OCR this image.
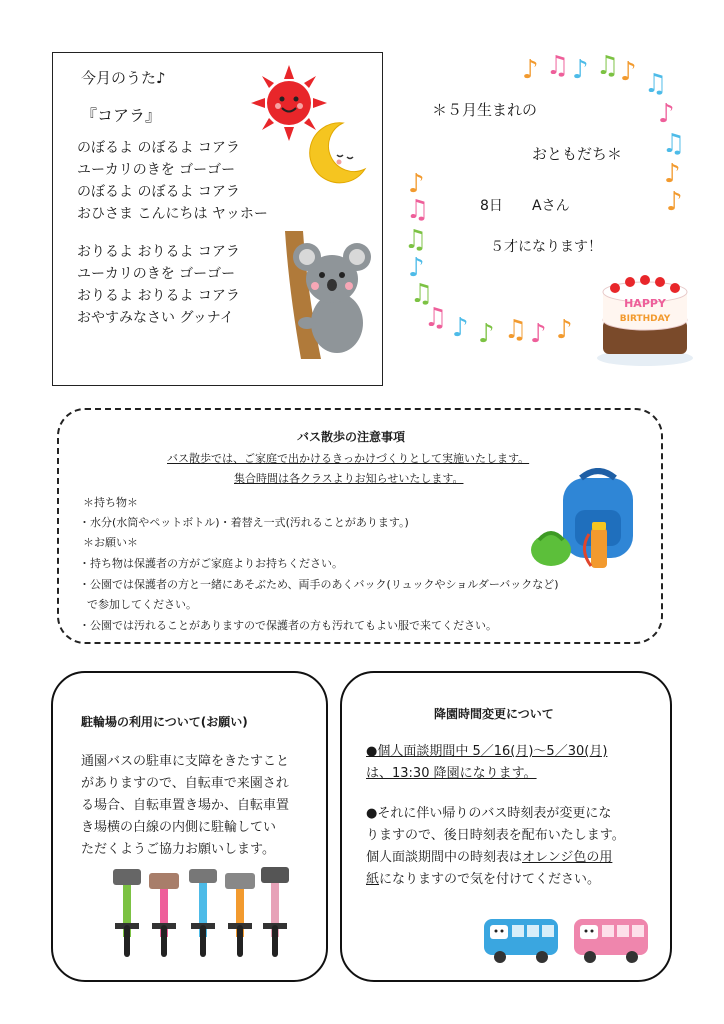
今月のうた♪
『コアラ』
のぼるよ のぼるよ コアラ
ユーカリのきを ゴーゴー
のぼるよ のぼるよ コアラ
おひさま こんにちは ヤッホー
おりるよ おりるよ コアラ
ユーカリのきを ゴーゴー
おりるよ おりるよ コアラ
おやすみなさい グッナイ
＊５月生まれの
おともだち＊
8日 Aさん
５才になります！
♪ ♫ ♪ ♫ ♪ ♫
♪
♫
♪
♪
♪
♫
♫
♪
♫
♫ ♪ ♪ ♫ ♪ ♪
HAPPY
BIRTHDAY
バス散歩の注意事項
バス散歩では、ご家庭で出かけるきっかけづくりとして実施いたします。
集合時間は各クラスよりお知らせいたします。
＊持ち物＊
・水分(水筒やペットボトル)・着替え一式(汚れることがあります。)
＊お願い＊
・持ち物は保護者の方がご家庭よりお持ちください。
・公園では保護者の方と一緒にあそぶため、両手のあくバック(リュックやショルダーバックなど)
で参加してください。
・公園では汚れることがありますので保護者の方も汚れてもよい服で来てください。
駐輪場の利用について(お願い)
通園バスの駐車に支障をきたすこと
がありますので、自転車で来園され
る場合、自転車置き場か、自転車置
き場横の白線の内側に駐輪してい
ただくようご協力お願いします。
降園時間変更について
●個人面談期間中 5／16(月)～5／30(月)
は、13:30 降園になります。
●それに伴い帰りのバス時刻表が変更にな
りますので、後日時刻表を配布いたします。
個人面談期間中の時刻表はオレンジ色の用
紙になりますので気を付けてください。
